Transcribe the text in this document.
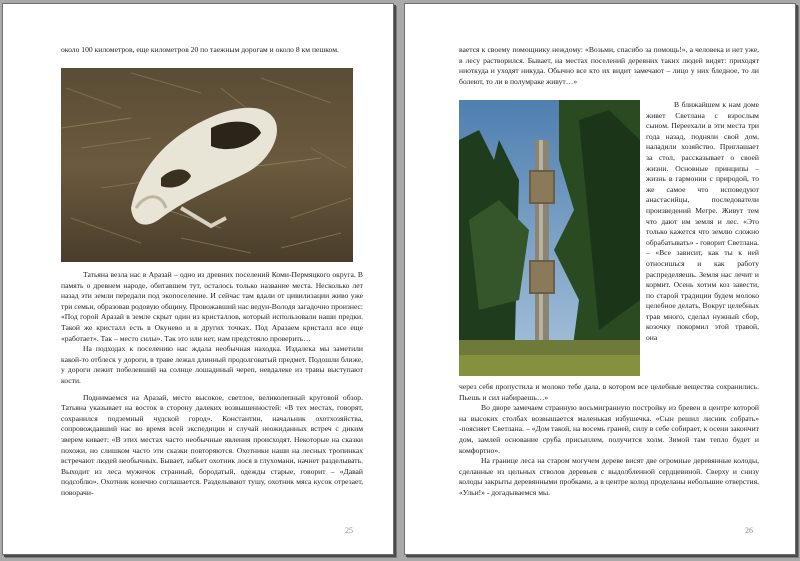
около 100 километров, еще километров 20 по таежным дорогам и около 8 км пешком.

Татьяна везла нас в Аразай – одно из древних поселений Коми-Пермяцкого округа. В память о древнем народе, обитавшем тут, осталось только название места. Несколько лет назад эти земли передали под экопоселение. И сейчас там вдали от цивилизации живо уже три семьи, образовав родовую общину. Провожавший нас ведун-Володя загадочно произнес: «Под горой Аразай в земле скрыт один из кристаллов, который использовали наши предки. Такой же кристалл есть в Окунево и в других точках. Под Аразаем кристалл все еще «работает». Так – место силы». Так это или нет, нам предстояло проверить…

На подходах к поселению нас ждала необычная находка. Издалека мы заметили какой-то отблеск у дороги, в траве лежал длинный продолговатый предмет. Подошли ближе, у дороги лежит побелевший на солнце лошадиный череп, невдалеке из травы выступают кости.

Поднимаемся на Аразай, место высокое, светлое, великолепный круговой обзор. Татьяна указывает на восток в сторону далеких возвышенностей: «В тех местах, говорят, сохранился подземный чудской город». Константин, начальник охотхозяйства, сопровождавший нас во время всей экспедиции и случай неожиданных встреч с диким зверем кивает: «В этих местах часто необычные явления происходят. Некоторые на сказки похожи, но слишком часто эти сказки повторяются. Охотники наши на лесных тропинках встречают людей необычных. Бывает, забьет охотник лося в глухомани, начнет разделывать. Выходит из леса мужичок странный, бородатый, одежды старые, говорит – «Давай подсоблю». Охотник конечно соглашается. Разделывают тушу, охотник мяса кусок отрезает, поворачи-

25

вается к своему помощнику неждому: «Возьми, спасибо за помощь!», а человека и нет уже, в лесу растворился. Бывает, на местах поселений деревних таких людей видят: приходят ниоткуда и уходят никуда. Обычно все кто их видит замечают – лицо у них бледное, то ли болеют, то ли в полумраке живут…»

В ближайшем к нам доме живет Светлана с взрослым сыном. Переехали в эти места три года назад, подняли свой дом, наладили хозяйство. Приглашает за стол, рассказывает о своей жизни. Основные принципы – жизнь в гармонии с природой, то же самое что исповедуют анастасийцы, последователи произведений Мегре. Живут тем что дают им земля и лес. «Это только кажется что землю сложно обрабатывать» - говорит Светлана. – «Все зависит, как ты к ней относишься и как работу распределяешь. Земля нас лечит и кормит. Осень хотим коз завести, по старой традиции будем молоко целебное делать. Вокруг целебных трав много, сделал нужный сбор, козочку покормил этой травой, она

через себя пропустила и молоко тебе дала, в котором все целебные вещества сохранились. Пьешь и сил набираешь…»

Во дворе замечаем странную восьмигранную постройку из бревен в центре которой на высоких столбах возвышается маленькая избушечка. «Сын решил лисник собрать» -поясняет Светлана. – «Дом такой, на восемь граней, силу в себе собирает, к осени закончит дом, замлей основание срубa присыплем, получится холм. Зимой там тепло будет и комфортно».

На границе леса на старом могучем дереве висят две огромные деревянные колоды, сделанные из цельных стволов деревьев с выдолбленной сердцевиной. Сверху и снизу колоды закрыты деревянными пробками, а в центре колод проделаны небольшие отверстия. «Ульи!» - догадываемся мы.

26
